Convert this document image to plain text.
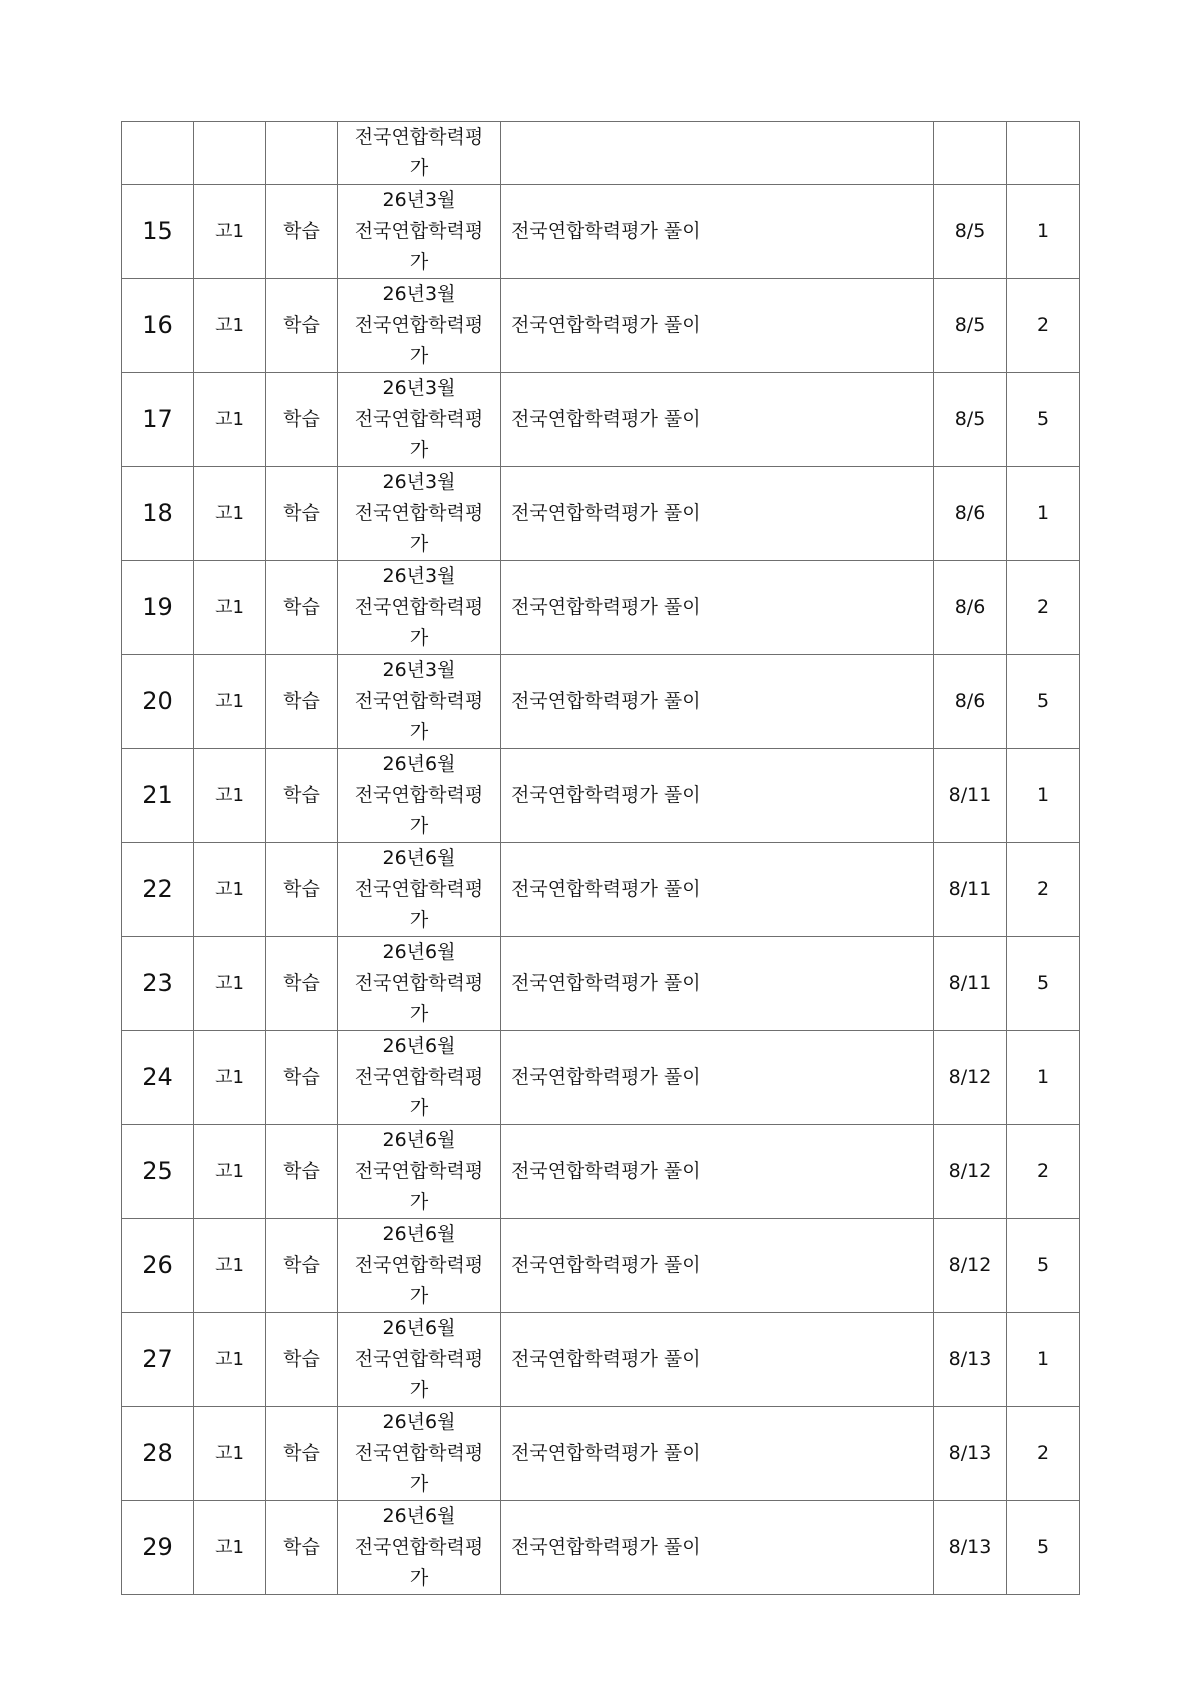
			전국연합학력평
가			

15	고1	학습	26년3월
전국연합학력평
가	전국연합학력평가 풀이	8/5	1
16	고1	학습	26년3월
전국연합학력평
가	전국연합학력평가 풀이	8/5	2
17	고1	학습	26년3월
전국연합학력평
가	전국연합학력평가 풀이	8/5	5
18	고1	학습	26년3월
전국연합학력평
가	전국연합학력평가 풀이	8/6	1
19	고1	학습	26년3월
전국연합학력평
가	전국연합학력평가 풀이	8/6	2
20	고1	학습	26년3월
전국연합학력평
가	전국연합학력평가 풀이	8/6	5
21	고1	학습	26년6월
전국연합학력평
가	전국연합학력평가 풀이	8/11	1
22	고1	학습	26년6월
전국연합학력평
가	전국연합학력평가 풀이	8/11	2
23	고1	학습	26년6월
전국연합학력평
가	전국연합학력평가 풀이	8/11	5
24	고1	학습	26년6월
전국연합학력평
가	전국연합학력평가 풀이	8/12	1
25	고1	학습	26년6월
전국연합학력평
가	전국연합학력평가 풀이	8/12	2
26	고1	학습	26년6월
전국연합학력평
가	전국연합학력평가 풀이	8/12	5
27	고1	학습	26년6월
전국연합학력평
가	전국연합학력평가 풀이	8/13	1
28	고1	학습	26년6월
전국연합학력평
가	전국연합학력평가 풀이	8/13	2
29	고1	학습	26년6월
전국연합학력평
가	전국연합학력평가 풀이	8/13	5
